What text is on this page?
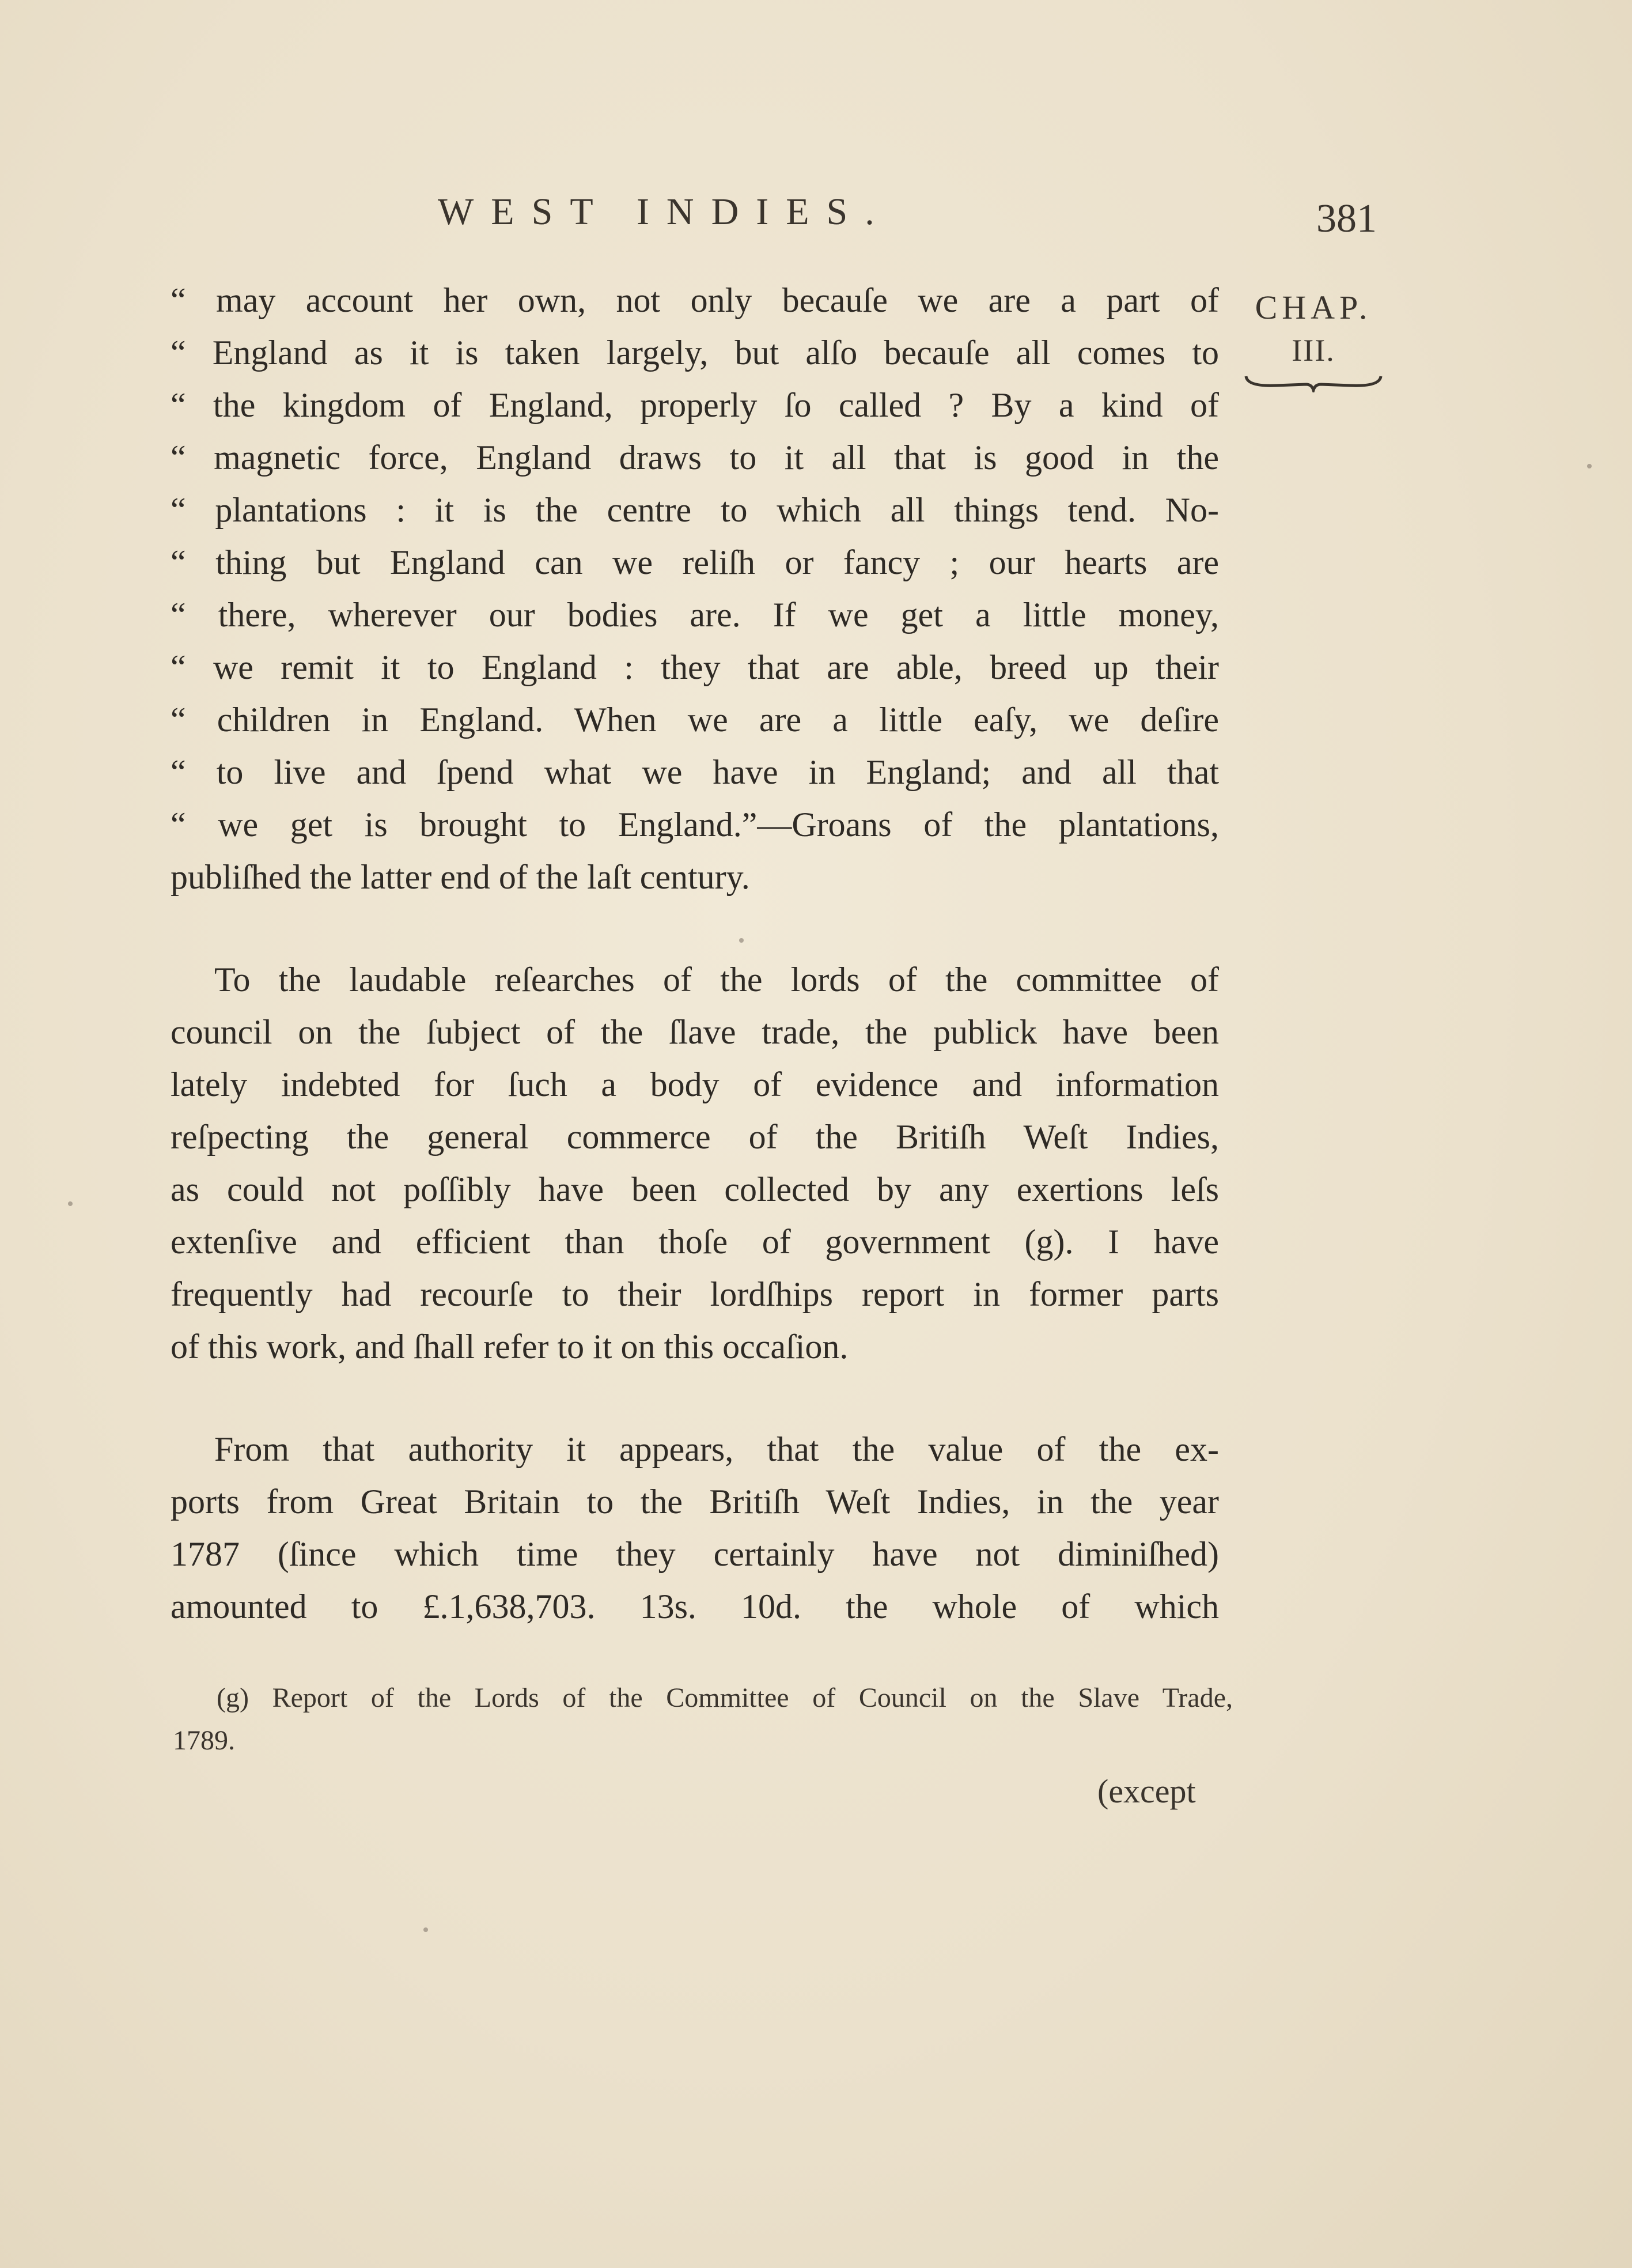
WEST INDIES.	381
CHAP.
III.
“ may account her own, not only becauſe we are a part of
“ England as it is taken largely, but alſo becauſe all comes to
“ the kingdom of England, properly ſo called ? By a kind of
“ magnetic force, England draws to it all that is good in the
“ plantations : it is the centre to which all things tend. No-
“ thing but England can we reliſh or fancy ; our hearts are
“ there, wherever our bodies are. If we get a little money,
“ we remit it to England : they that are able, breed up their
“ children in England. When we are a little eaſy, we deſire
“ to live and ſpend what we have in England; and all that
“ we get is brought to England.”—Groans of the plantations,
publiſhed the latter end of the laſt century.
To the laudable reſearches of the lords of the committee of
council on the ſubject of the ſlave trade, the publick have been
lately indebted for ſuch a body of evidence and information
reſpecting the general commerce of the Britiſh Weſt Indies,
as could not poſſibly have been collected by any exertions leſs
extenſive and efficient than thoſe of government (g). I have
frequently had recourſe to their lordſhips report in former parts
of this work, and ſhall refer to it on this occaſion.
From that authority it appears, that the value of the ex-
ports from Great Britain to the Britiſh Weſt Indies, in the year
1787 (ſince which time they certainly have not diminiſhed)
amounted to £.1,638,703. 13s. 10d. the whole of which
(g) Report of the Lords of the Committee of Council on the Slave Trade,
1789.
(except
